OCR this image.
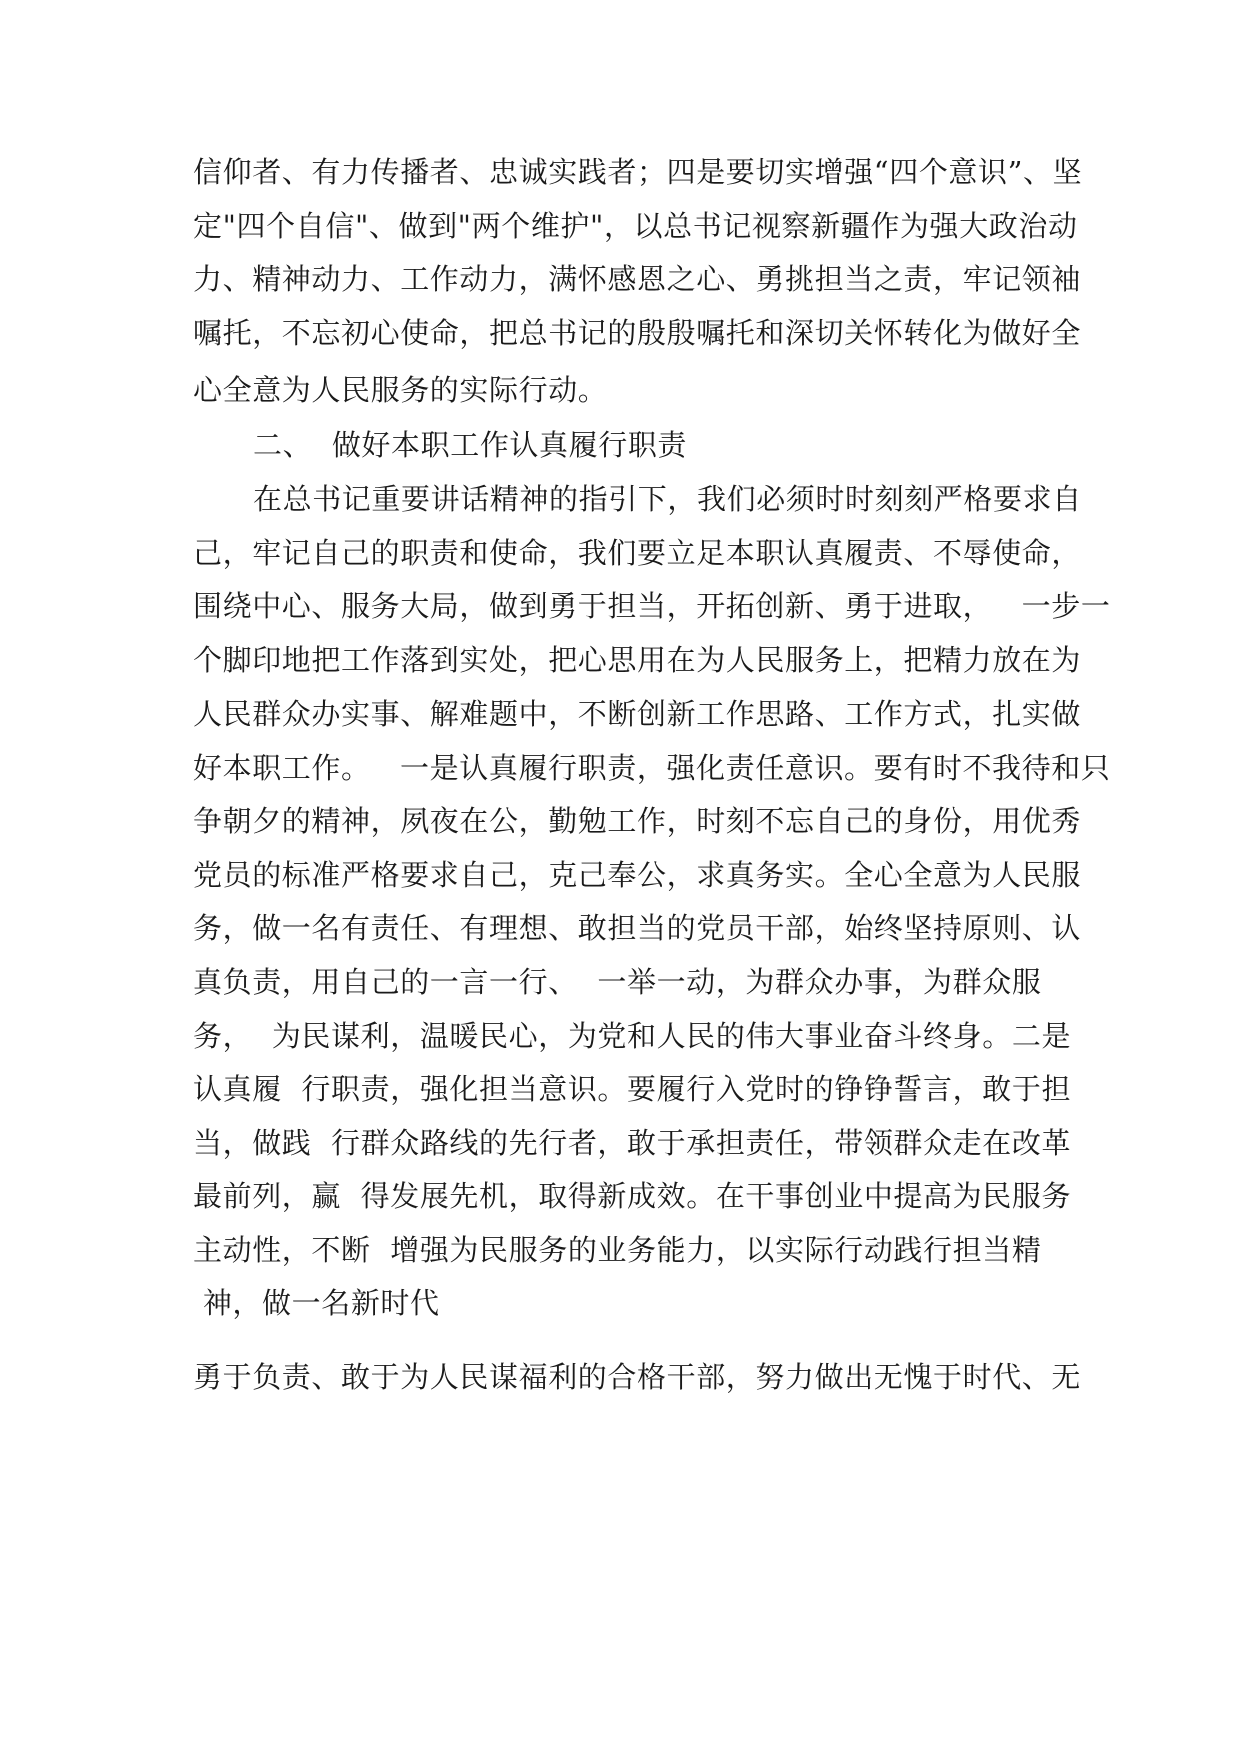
信仰者、有力传播者、忠诚实践者；四是要切实增强“四个意识”、坚
定"四个自信"、做到"两个维护"，以总书记视察新疆作为强大政治动
力、精神动力、工作动力，满怀感恩之心、勇挑担当之责，牢记领袖
嘱托，不忘初心使命，把总书记的殷殷嘱托和深切关怀转化为做好全
心全意为人民服务的实际行动。
二、  做好本职工作认真履行职责
在总书记重要讲话精神的指引下，我们必须时时刻刻严格要求自
己，牢记自己的职责和使命，我们要立足本职认真履责、不辱使命，
围绕中心、服务大局，做到勇于担当，开拓创新、勇于进取，   一步一
个脚印地把工作落到实处，把心思用在为人民服务上，把精力放在为
人民群众办实事、解难题中，不断创新工作思路、工作方式，扎实做
好本职工作。   一是认真履行职责，强化责任意识。要有时不我待和只
争朝夕的精神，夙夜在公，勤勉工作，时刻不忘自己的身份，用优秀
党员的标准严格要求自己，克己奉公，求真务实。全心全意为人民服
务，做一名有责任、有理想、敢担当的党员干部，始终坚持原则、认
真负责，用自己的一言一行、  一举一动，为群众办事，为群众服
务，  为民谋利，温暖民心，为党和人民的伟大事业奋斗终身。二是
认真履  行职责，强化担当意识。要履行入党时的铮铮誓言，敢于担
当，做践  行群众路线的先行者，敢于承担责任，带领群众走在改革
最前列，赢  得发展先机，取得新成效。在干事创业中提高为民服务
主动性，不断  增强为民服务的业务能力，以实际行动践行担当精
神，做一名新时代
勇于负责、敢于为人民谋福利的合格干部，努力做出无愧于时代、无
